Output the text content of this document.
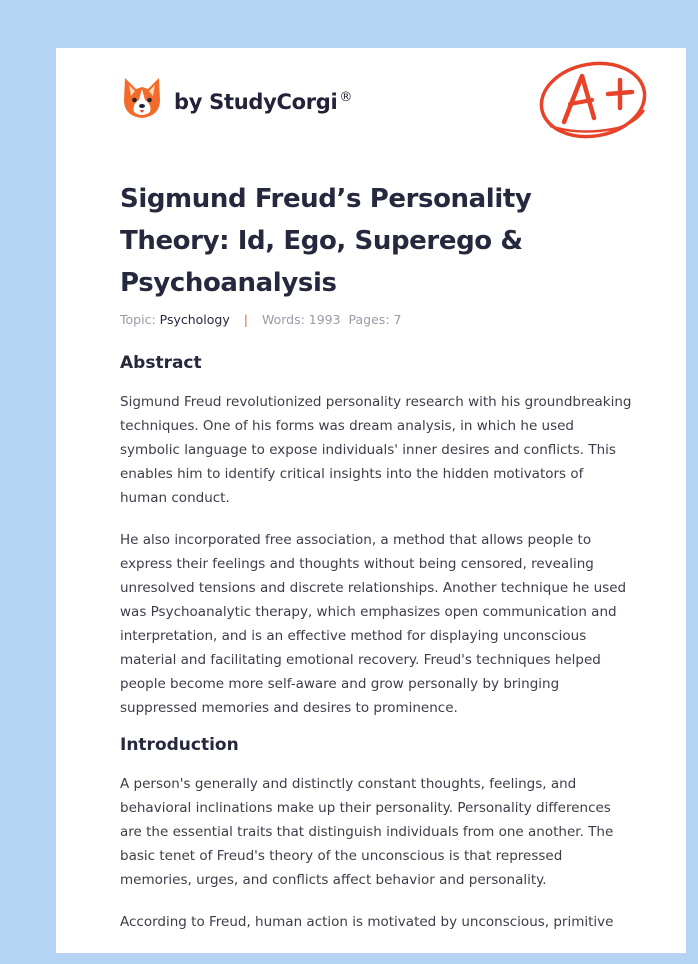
by StudyCorgi ®
Sigmund Freud’s Personality Theory: Id, Ego, Superego & Psychoanalysis
Topic: Psychology | Words: 1993 Pages: 7
Abstract

Sigmund Freud revolutionized personality research with his groundbreaking techniques. One of his forms was dream analysis, in which he used symbolic language to expose individuals' inner desires and conflicts. This enables him to identify critical insights into the hidden motivators of human conduct.

He also incorporated free association, a method that allows people to express their feelings and thoughts without being censored, revealing unresolved tensions and discrete relationships. Another technique he used was Psychoanalytic therapy, which emphasizes open communication and interpretation, and is an effective method for displaying unconscious material and facilitating emotional recovery. Freud's techniques helped people become more self-aware and grow personally by bringing suppressed memories and desires to prominence.

Introduction

A person's generally and distinctly constant thoughts, feelings, and behavioral inclinations make up their personality. Personality differences are the essential traits that distinguish individuals from one another. The basic tenet of Freud's theory of the unconscious is that repressed memories, urges, and conflicts affect behavior and personality.

According to Freud, human action is motivated by unconscious, primitive
